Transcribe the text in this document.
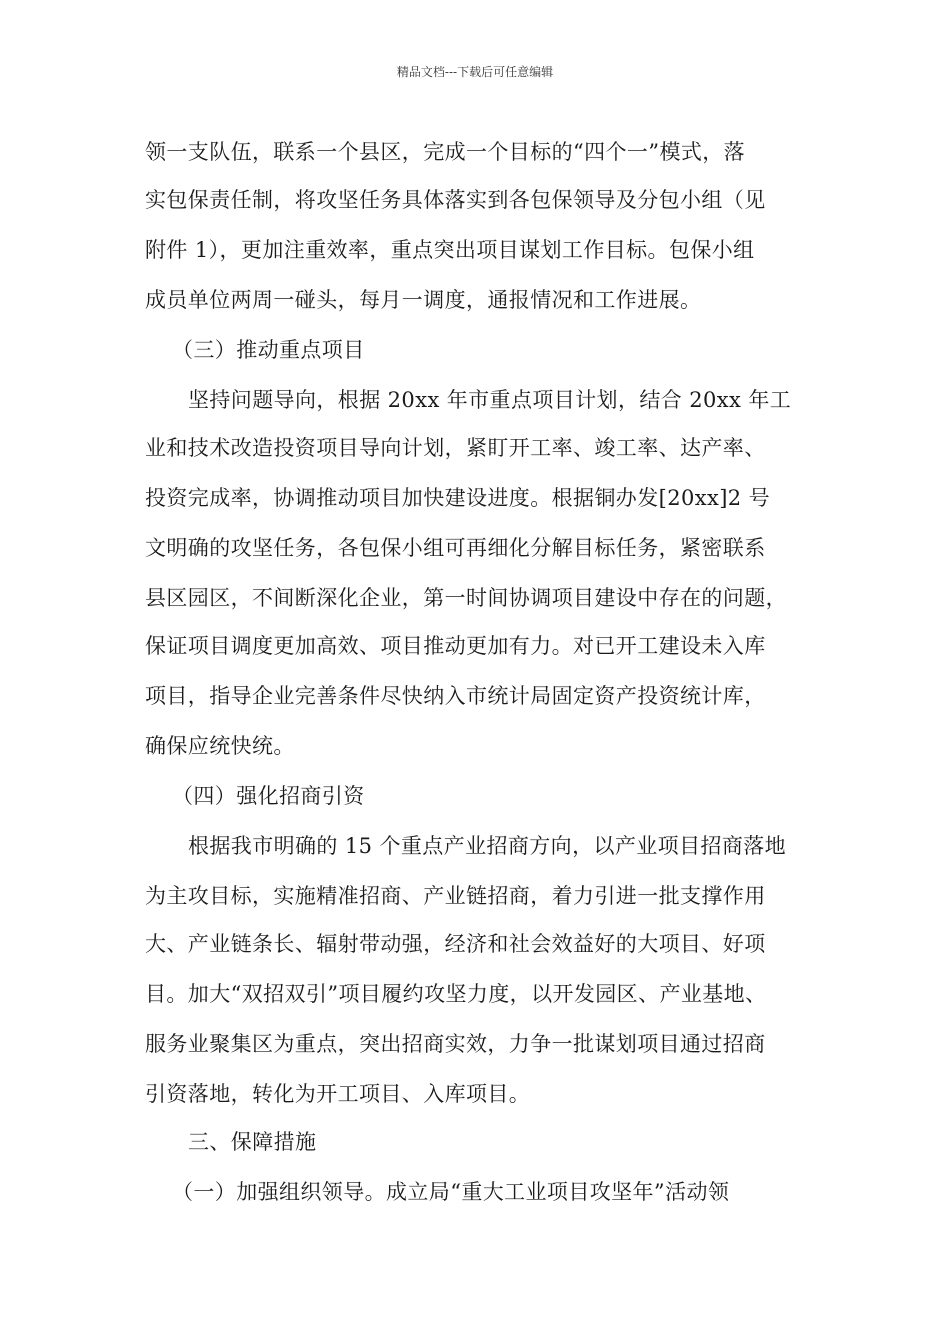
精品文档---下载后可任意编辑
领一支队伍，联系一个县区，完成一个目标的“四个一”模式，落
实包保责任制，将攻坚任务具体落实到各包保领导及分包小组（见
附件 1），更加注重效率，重点突出项目谋划工作目标。包保小组
成员单位两周一碰头，每月一调度，通报情况和工作进展。
（三）推动重点项目
坚持问题导向，根据 20xx 年市重点项目计划，结合 20xx 年工
业和技术改造投资项目导向计划，紧盯开工率、竣工率、达产率、
投资完成率，协调推动项目加快建设进度。根据铜办发[20xx]2 号
文明确的攻坚任务，各包保小组可再细化分解目标任务，紧密联系
县区园区，不间断深化企业，第一时间协调项目建设中存在的问题，
保证项目调度更加高效、项目推动更加有力。对已开工建设未入库
项目，指导企业完善条件尽快纳入市统计局固定资产投资统计库，
确保应统快统。
（四）强化招商引资
根据我市明确的 15 个重点产业招商方向，以产业项目招商落地
为主攻目标，实施精准招商、产业链招商，着力引进一批支撑作用
大、产业链条长、辐射带动强，经济和社会效益好的大项目、好项
目。加大“双招双引”项目履约攻坚力度，以开发园区、产业基地、
服务业聚集区为重点，突出招商实效，力争一批谋划项目通过招商
引资落地，转化为开工项目、入库项目。
三、保障措施
（一）加强组织领导。成立局“重大工业项目攻坚年”活动领
